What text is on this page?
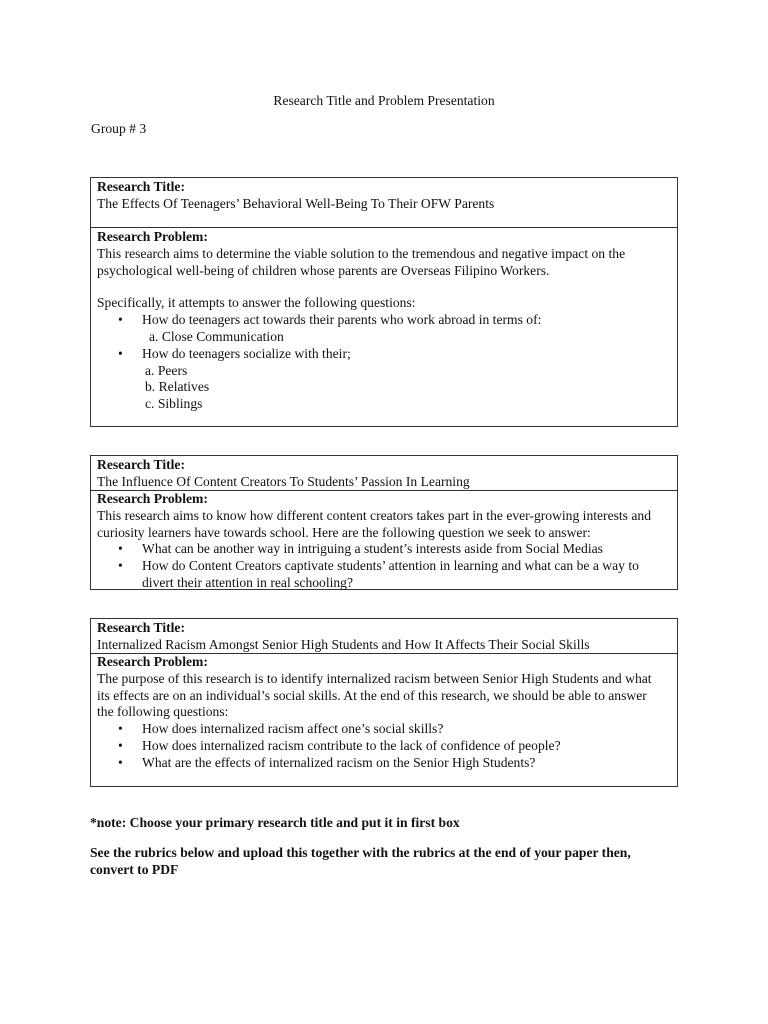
Research Title and Problem Presentation
Group # 3
Research Title:
The Effects Of Teenagers’ Behavioral Well-Being To Their OFW Parents
Research Problem:
This research aims to determine the viable solution to the tremendous and negative impact on the
psychological well-being of children whose parents are Overseas Filipino Workers.
Specifically, it attempts to answer the following questions:
• How do teenagers act towards their parents who work abroad in terms of:
a. Close Communication
• How do teenagers socialize with their;
a. Peers
b. Relatives
c. Siblings
Research Title:
The Influence Of Content Creators To Students’ Passion In Learning
Research Problem:
This research aims to know how different content creators takes part in the ever-growing interests and
curiosity learners have towards school. Here are the following question we seek to answer:
• What can be another way in intriguing a student’s interests aside from Social Medias
• How do Content Creators captivate students’ attention in learning and what can be a way to
divert their attention in real schooling?
Research Title:
Internalized Racism Amongst Senior High Students and How It Affects Their Social Skills
Research Problem:
The purpose of this research is to identify internalized racism between Senior High Students and what
its effects are on an individual’s social skills. At the end of this research, we should be able to answer
the following questions:
• How does internalized racism affect one’s social skills?
• How does internalized racism contribute to the lack of confidence of people?
• What are the effects of internalized racism on the Senior High Students?
*note: Choose your primary research title and put it in first box
See the rubrics below and upload this together with the rubrics at the end of your paper then,
convert to PDF
